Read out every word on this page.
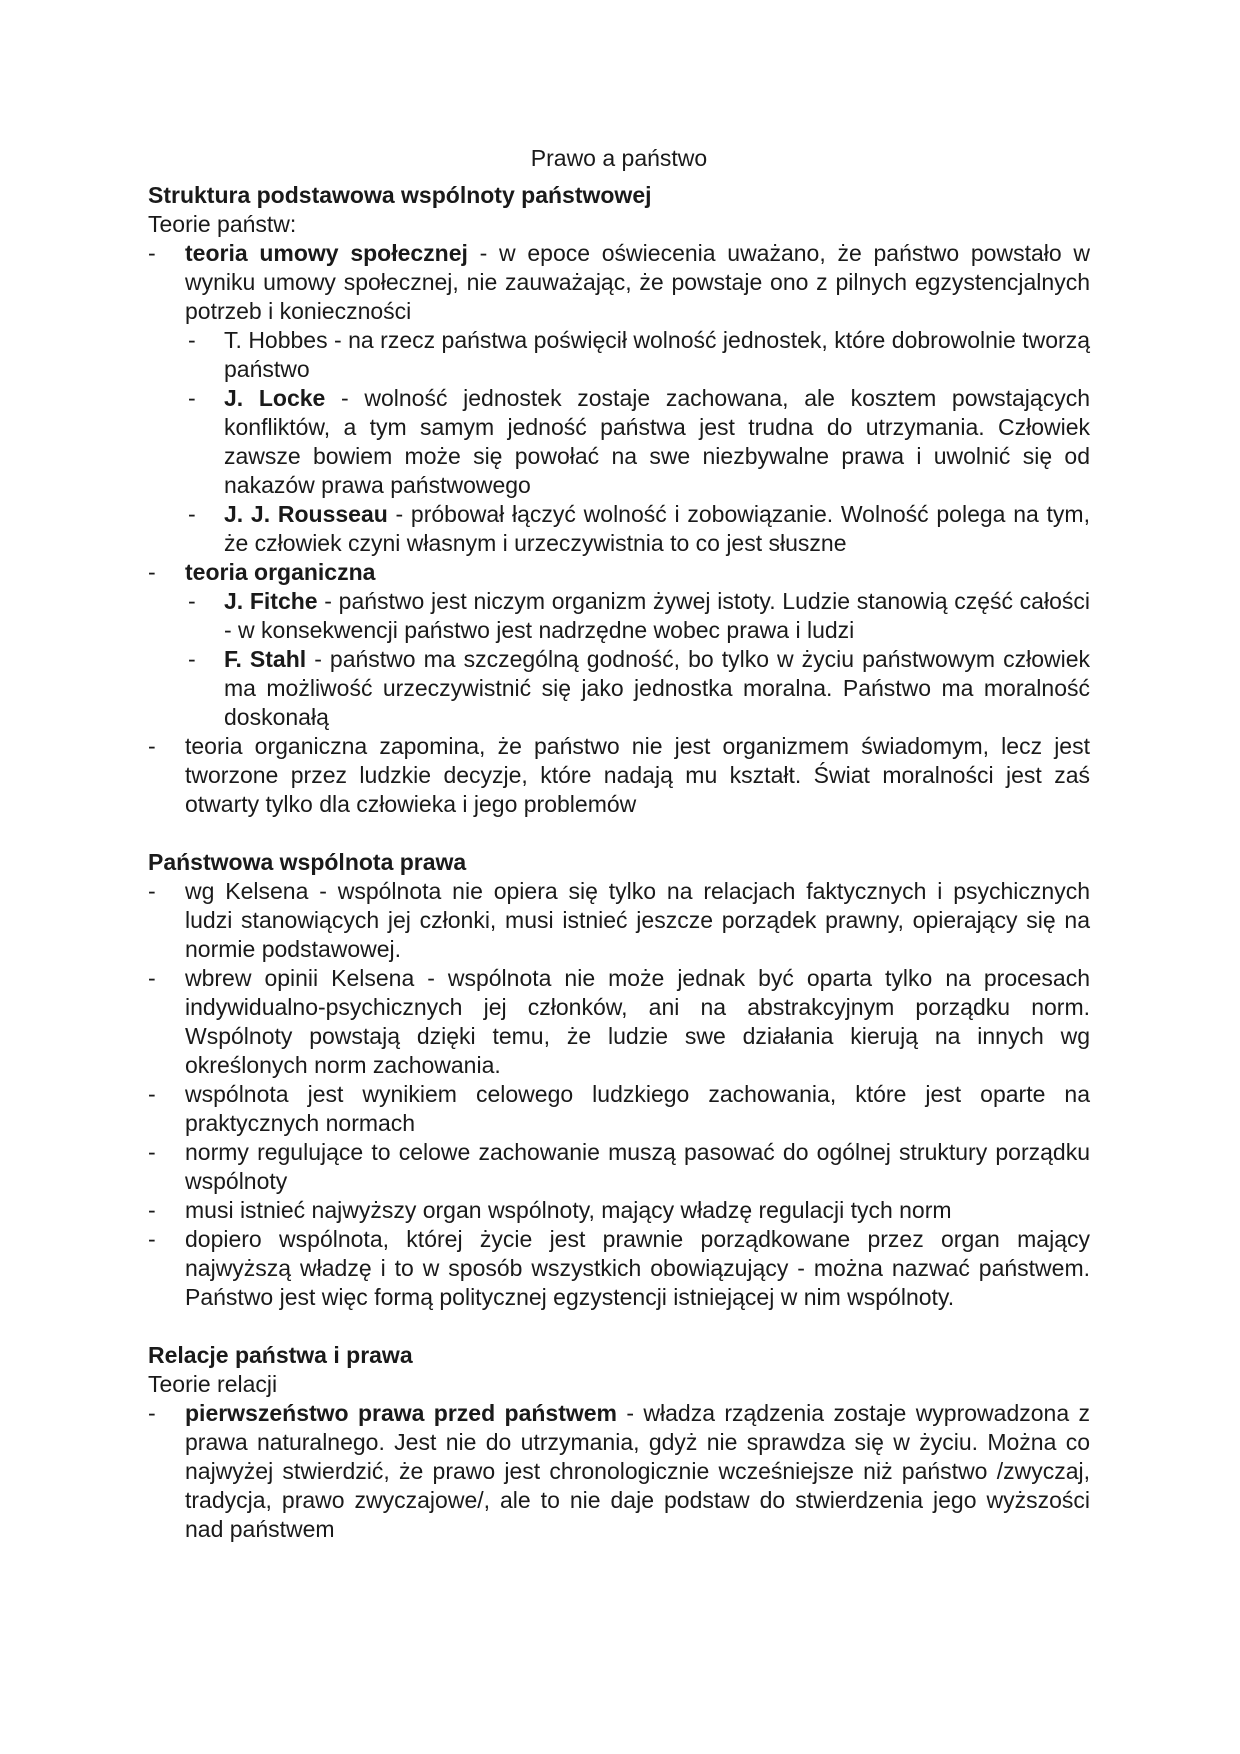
Prawo a państwo
Struktura podstawowa wspólnoty państwowej
Teorie państw:
-	teoria umowy społecznej - w epoce oświecenia uważano, że państwo powstało w wyniku umowy społecznej, nie zauważając, że powstaje ono z pilnych egzystencjalnych potrzeb i konieczności
-	T. Hobbes - na rzecz państwa poświęcił wolność jednostek, które dobrowolnie tworzą państwo
-	J. Locke - wolność jednostek zostaje zachowana, ale kosztem powstających konfliktów, a tym samym jedność państwa jest trudna do utrzymania. Człowiek zawsze bowiem może się powołać na swe niezbywalne prawa i uwolnić się od nakazów prawa państwowego
-	J. J. Rousseau - próbował łączyć wolność i zobowiązanie. Wolność polega na tym, że człowiek czyni własnym i urzeczywistnia to co jest słuszne
-	teoria organiczna
-	J. Fitche - państwo jest niczym organizm żywej istoty. Ludzie stanowią część całości - w konsekwencji państwo jest nadrzędne wobec prawa i ludzi
-	F. Stahl - państwo ma szczególną godność, bo tylko w życiu państwowym człowiek ma możliwość urzeczywistnić się jako jednostka moralna. Państwo ma moralność doskonałą
-	teoria organiczna zapomina, że państwo nie jest organizmem świadomym, lecz jest tworzone przez ludzkie decyzje, które nadają mu kształt. Świat moralności jest zaś otwarty tylko dla człowieka i jego problemów
Państwowa wspólnota prawa
-	wg Kelsena - wspólnota nie opiera się tylko na relacjach faktycznych i psychicznych ludzi stanowiących jej członki, musi istnieć jeszcze porządek prawny, opierający się na normie podstawowej.
-	wbrew opinii Kelsena - wspólnota nie może jednak być oparta tylko na procesach indywidualno-psychicznych jej członków, ani na abstrakcyjnym porządku norm. Wspólnoty powstają dzięki temu, że ludzie swe działania kierują na innych wg określonych norm zachowania.
-	wspólnota jest wynikiem celowego ludzkiego zachowania, które jest oparte na praktycznych normach
-	normy regulujące to celowe zachowanie muszą pasować do ogólnej struktury porządku wspólnoty
-	musi istnieć najwyższy organ wspólnoty, mający władzę regulacji tych norm
-	dopiero wspólnota, której życie jest prawnie porządkowane przez organ mający najwyższą władzę i to w sposób wszystkich obowiązujący - można nazwać państwem. Państwo jest więc formą politycznej egzystencji istniejącej w nim wspólnoty.
Relacje państwa i prawa
Teorie relacji
-	pierwszeństwo prawa przed państwem - władza rządzenia zostaje wyprowadzona z prawa naturalnego. Jest nie do utrzymania, gdyż nie sprawdza się w życiu. Można co najwyżej stwierdzić, że prawo jest chronologicznie wcześniejsze niż państwo /zwyczaj, tradycja, prawo zwyczajowe/, ale to nie daje podstaw do stwierdzenia jego wyższości nad państwem
